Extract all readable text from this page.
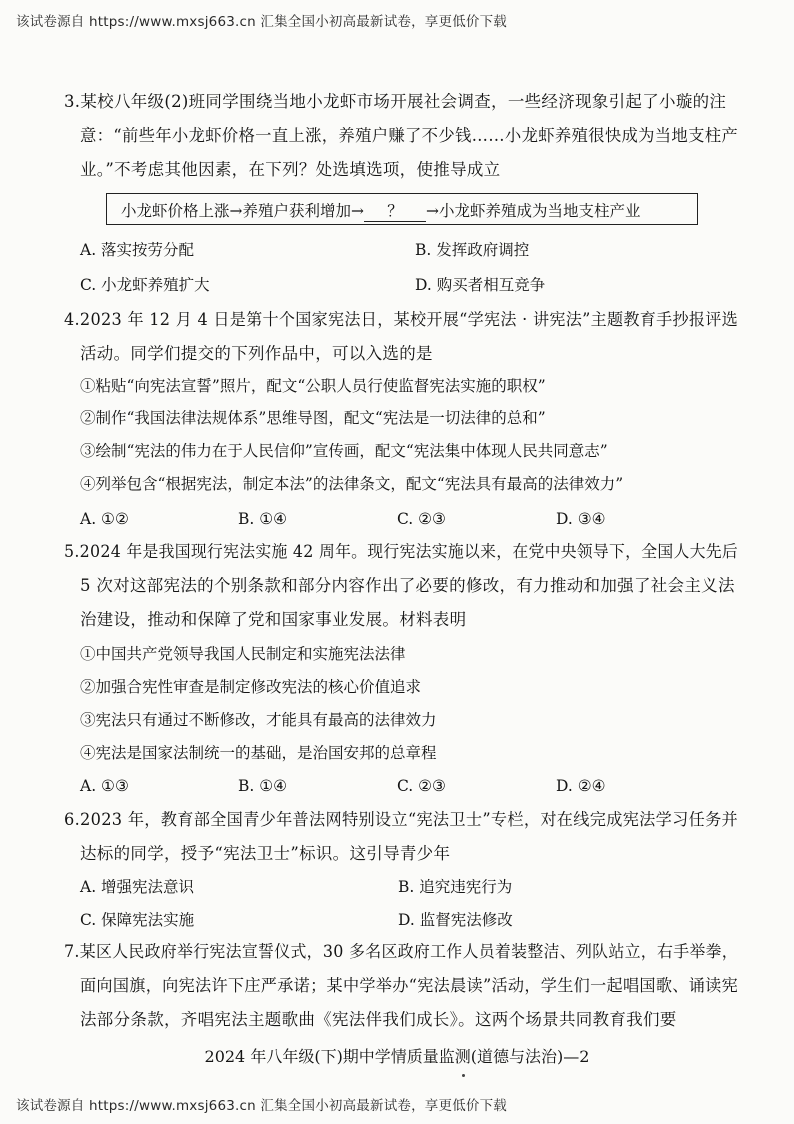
该试卷源自 https://www.mxsj663.cn 汇集全国小初高最新试卷，享更低价下载
3.某校八年级(2)班同学围绕当地小龙虾市场开展社会调查，一些经济现象引起了小璇的注
意：“前些年小龙虾价格一直上涨，养殖户赚了不少钱……小龙虾养殖很快成为当地支柱产
业。”不考虑其他因素，在下列？处选填选项，使推导成立
小龙虾价格上涨→养殖户获利增加→ ？ →小龙虾养殖成为当地支柱产业
A. 落实按劳分配	B. 发挥政府调控
C. 小龙虾养殖扩大	D. 购买者相互竞争
4.2023 年 12 月 4 日是第十个国家宪法日，某校开展“学宪法 · 讲宪法”主题教育手抄报评选
活动。同学们提交的下列作品中，可以入选的是
①粘贴“向宪法宣誓”照片，配文“公职人员行使监督宪法实施的职权”
②制作“我国法律法规体系”思维导图，配文“宪法是一切法律的总和”
③绘制“宪法的伟力在于人民信仰”宣传画，配文“宪法集中体现人民共同意志”
④列举包含“根据宪法，制定本法”的法律条文，配文“宪法具有最高的法律效力”
A. ①②	B. ①④	C. ②③	D. ③④
5.2024 年是我国现行宪法实施 42 周年。现行宪法实施以来，在党中央领导下，全国人大先后
5 次对这部宪法的个别条款和部分内容作出了必要的修改，有力推动和加强了社会主义法
治建设，推动和保障了党和国家事业发展。材料表明
①中国共产党领导我国人民制定和实施宪法法律
②加强合宪性审查是制定修改宪法的核心价值追求
③宪法只有通过不断修改，才能具有最高的法律效力
④宪法是国家法制统一的基础，是治国安邦的总章程
A. ①③	B. ①④	C. ②③	D. ②④
6.2023 年，教育部全国青少年普法网特别设立“宪法卫士”专栏，对在线完成宪法学习任务并
达标的同学，授予“宪法卫士”标识。这引导青少年
A. 增强宪法意识	B. 追究违宪行为
C. 保障宪法实施	D. 监督宪法修改
7.某区人民政府举行宪法宣誓仪式，30 多名区政府工作人员着装整洁、列队站立，右手举拳，
面向国旗，向宪法许下庄严承诺；某中学举办“宪法晨读”活动，学生们一起唱国歌、诵读宪
法部分条款，齐唱宪法主题歌曲《宪法伴我们成长》。这两个场景共同教育我们要
2024 年八年级(下)期中学情质量监测(道德与法治)—2
该试卷源自 https://www.mxsj663.cn 汇集全国小初高最新试卷，享更低价下载
